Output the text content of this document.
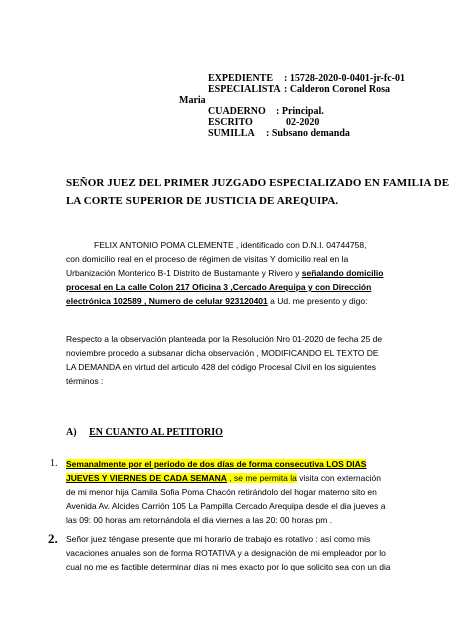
EXPEDIENTE : 15728-2020-0-0401-jr-fc-01
ESPECIALISTA : Calderon Coronel Rosa
Maria
CUADERNO : Principal.
ESCRITO	02-2020
SUMILLA : Subsano demanda
SEÑOR JUEZ DEL PRIMER JUZGADO ESPECIALIZADO EN FAMILIA DE
LA CORTE SUPERIOR DE JUSTICIA DE AREQUIPA.
FELIX ANTONIO POMA CLEMENTE , identificado con D.N.I. 04744758,
con domicilio real en el proceso de régimen de visitas Y domicilio real en la
Urbanización Monterico B-1 Distrito de Bustamante y Rivero y señalando domicilio
procesal en La calle Colon 217 Oficina 3 ,Cercado Arequipa y con Dirección
electrónica 102589 , Numero de celular 923120401 a Ud. me presento y digo:
Respecto a la observación planteada por la Resolución Nro 01-2020 de fecha 25 de
noviembre procedo a subsanar dicha observación , MODIFICANDO EL TEXTO DE
LA DEMANDA en virtud del articulo 428 del código Procesal Civil en los siguientes
términos :
A) EN CUANTO AL PETITORIO
1. Semanalmente por el periodo de dos días de forma consecutiva LOS DIAS
JUEVES Y VIERNES DE CADA SEMANA , se me permita la visita con externación
de mi menor hija Camila Sofia Poma Chacón retirándolo del hogar materno sito en
Avenida Av. Alcides Carrión 105 La Pampilla Cercado Arequipa desde el dia jueves a
las 09: 00 horas am retornándola el dia viernes a las 20: 00 horas pm .
2. Señor juez téngase presente que mi horario de trabajo es rotativo : así como mis
vacaciones anuales son de forma ROTATIVA y a designación de mi empleador por lo
cual no me es factible determinar días ni mes exacto por lo que solicito sea con un dia
